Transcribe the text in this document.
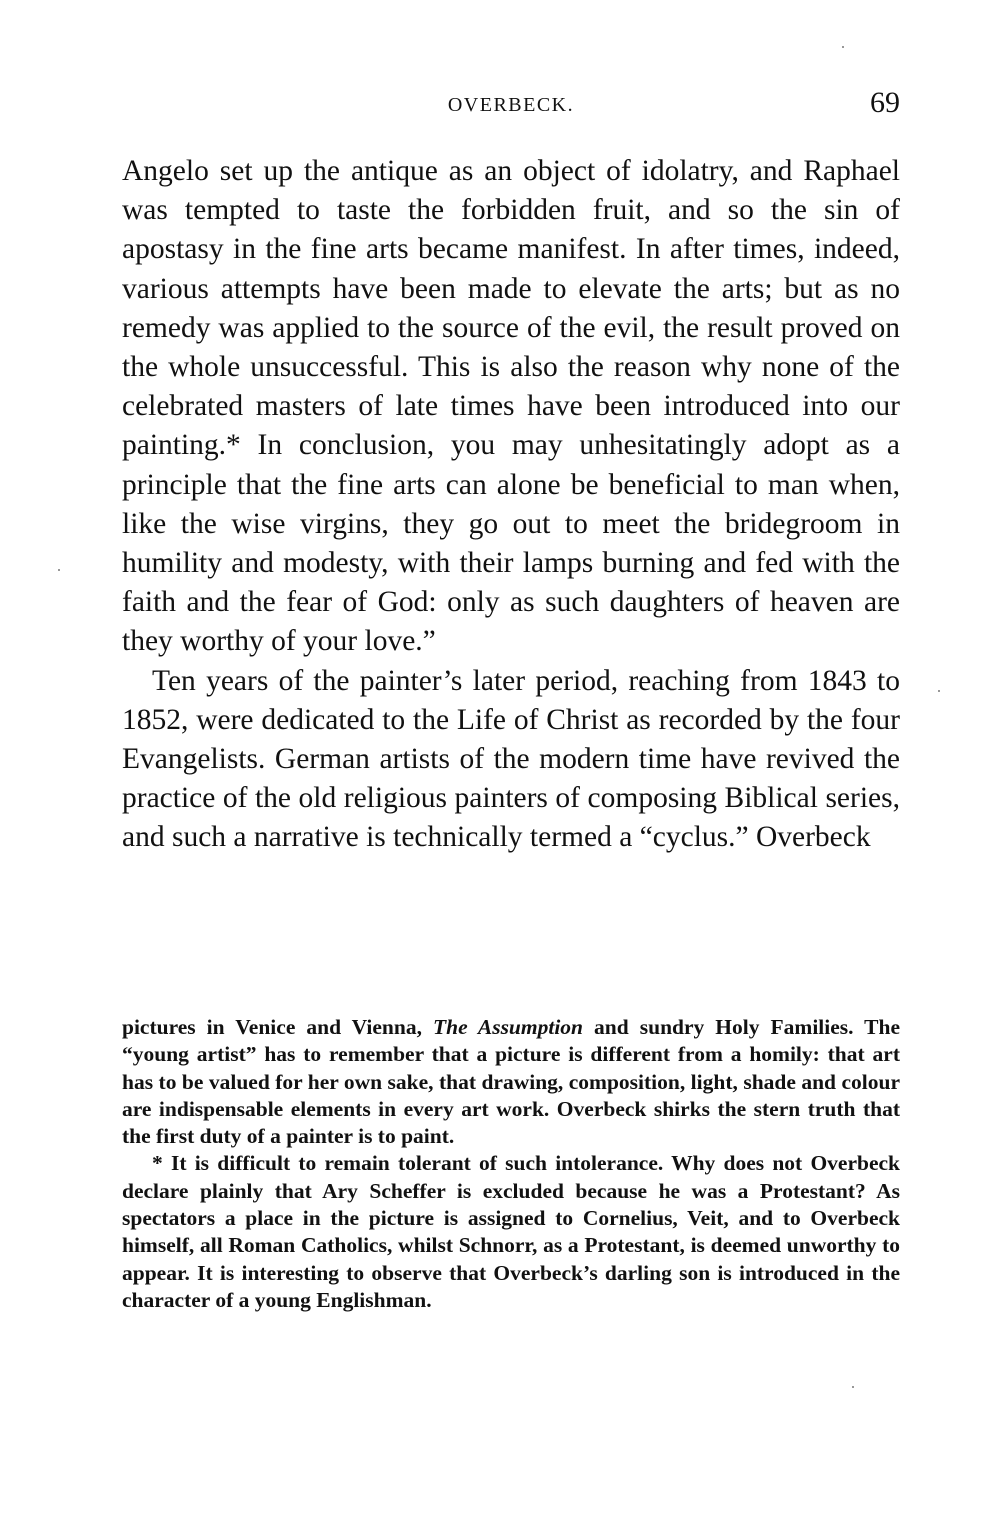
OVERBECK.	69

Angelo set up the antique as an object of idolatry, and Raphael was tempted to taste the forbidden fruit, and so the sin of apostasy in the fine arts became manifest. In after times, indeed, various attempts have been made to elevate the arts; but as no remedy was applied to the source of the evil, the result proved on the whole unsuccessful. This is also the reason why none of the celebrated masters of late times have been introduced into our painting.* In conclusion, you may unhesitatingly adopt as a principle that the fine arts can alone be beneficial to man when, like the wise virgins, they go out to meet the bridegroom in humility and modesty, with their lamps burning and fed with the faith and the fear of God: only as such daughters of heaven are they worthy of your love.”

Ten years of the painter’s later period, reaching from 1843 to 1852, were dedicated to the Life of Christ as recorded by the four Evangelists. German artists of the modern time have revived the practice of the old religious painters of composing Biblical series, and such a narrative is technically termed a “cyclus.” Overbeck

pictures in Venice and Vienna, The Assumption and sundry Holy Families. The “young artist” has to remember that a picture is different from a homily: that art has to be valued for her own sake, that drawing, composition, light, shade and colour are indispensable elements in every art work. Overbeck shirks the stern truth that the first duty of a painter is to paint.

* It is difficult to remain tolerant of such intolerance. Why does not Overbeck declare plainly that Ary Scheffer is excluded because he was a Protestant? As spectators a place in the picture is assigned to Cornelius, Veit, and to Overbeck himself, all Roman Catholics, whilst Schnorr, as a Protestant, is deemed unworthy to appear. It is interesting to observe that Overbeck’s darling son is introduced in the character of a young Englishman.
